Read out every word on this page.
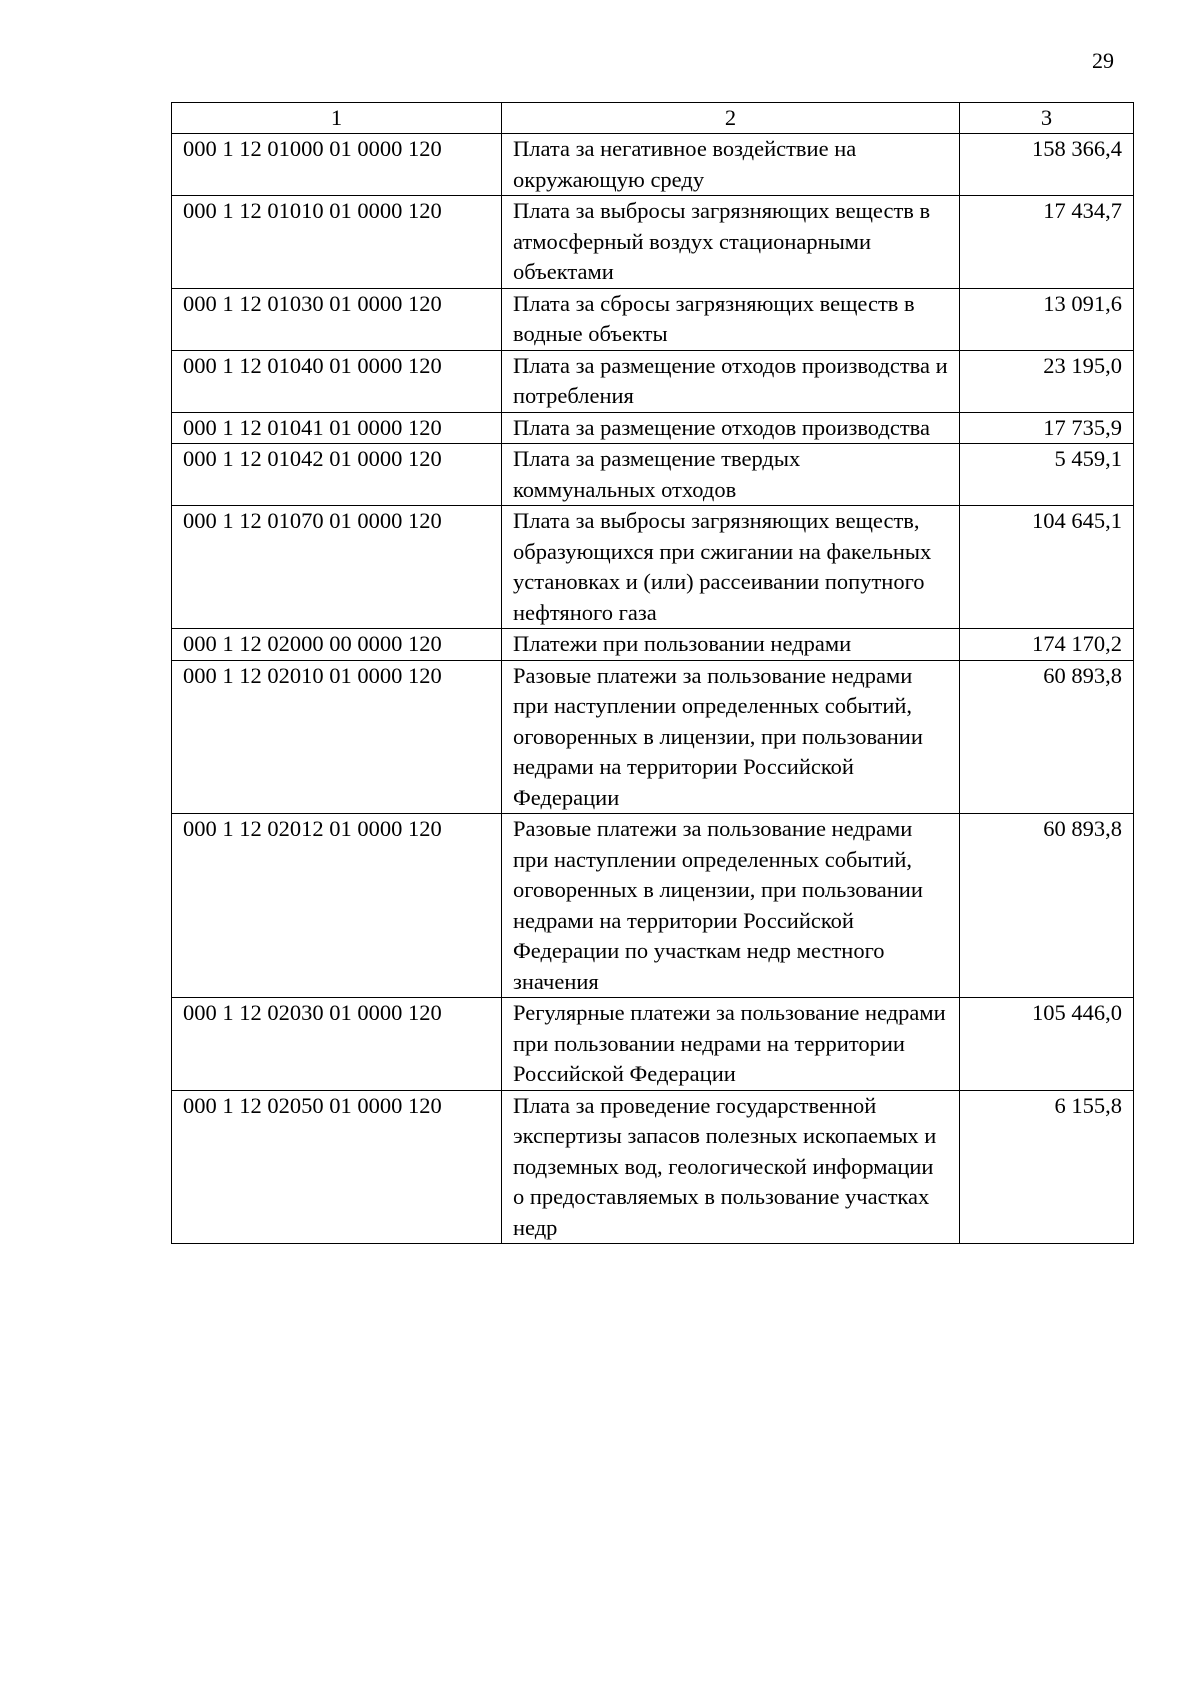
29
1	2	3
000 1 12 01000 01 0000 120	Плата за негативное воздействие на окружающую среду	158 366,4
000 1 12 01010 01 0000 120	Плата за выбросы загрязняющих веществ в атмосферный воздух стационарными объектами	17 434,7
000 1 12 01030 01 0000 120	Плата за сбросы загрязняющих веществ в водные объекты	13 091,6
000 1 12 01040 01 0000 120	Плата за размещение отходов производства и потребления	23 195,0
000 1 12 01041 01 0000 120	Плата за размещение отходов производства	17 735,9
000 1 12 01042 01 0000 120	Плата за размещение твердых коммунальных отходов	5 459,1
000 1 12 01070 01 0000 120	Плата за выбросы загрязняющих веществ, образующихся при сжигании на факельных установках и (или) рассеивании попутного нефтяного газа	104 645,1
000 1 12 02000 00 0000 120	Платежи при пользовании недрами	174 170,2
000 1 12 02010 01 0000 120	Разовые платежи за пользование недрами при наступлении определенных событий, оговоренных в лицензии, при пользовании недрами на территории Российской Федерации	60 893,8
000 1 12 02012 01 0000 120	Разовые платежи за пользование недрами при наступлении определенных событий, оговоренных в лицензии, при пользовании недрами на территории Российской Федерации по участкам недр местного значения	60 893,8
000 1 12 02030 01 0000 120	Регулярные платежи за пользование недрами при пользовании недрами на территории Российской Федерации	105 446,0
000 1 12 02050 01 0000 120	Плата за проведение государственной экспертизы запасов полезных ископаемых и подземных вод, геологической информации о предоставляемых в пользование участках недр	6 155,8
